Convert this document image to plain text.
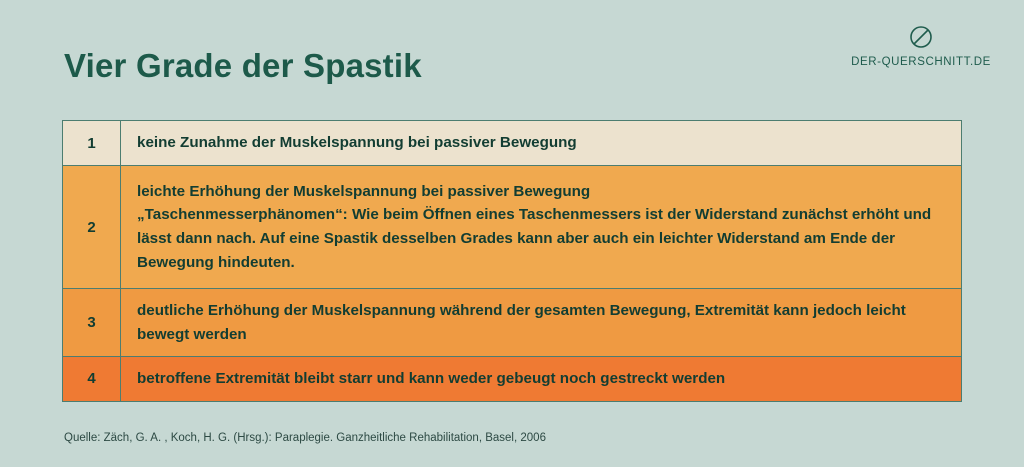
DER-QUERSCHNITT.DE
Vier Grade der Spastik
1	keine Zunahme der Muskelspannung bei passiver Bewegung

2

leichte Erhöhung der Muskelspannung bei passiver Bewegung

„Taschenmesserphänomen“: Wie beim Öffnen eines Taschenmessers ist der Widerstand zunächst erhöht und lässt dann nach. Auf eine Spastik desselben Grades kann aber auch ein leichter Widerstand am Ende der Bewegung hindeuten.

3

deutliche Erhöhung der Muskelspannung während der gesamten Bewegung, Extremität kann jedoch leicht bewegt werden

4	betroffene Extremität bleibt starr und kann weder gebeugt noch gestreckt werden

Quelle: Zäch, G. A. , Koch, H. G. (Hrsg.): Paraplegie. Ganzheitliche Rehabilitation, Basel, 2006
